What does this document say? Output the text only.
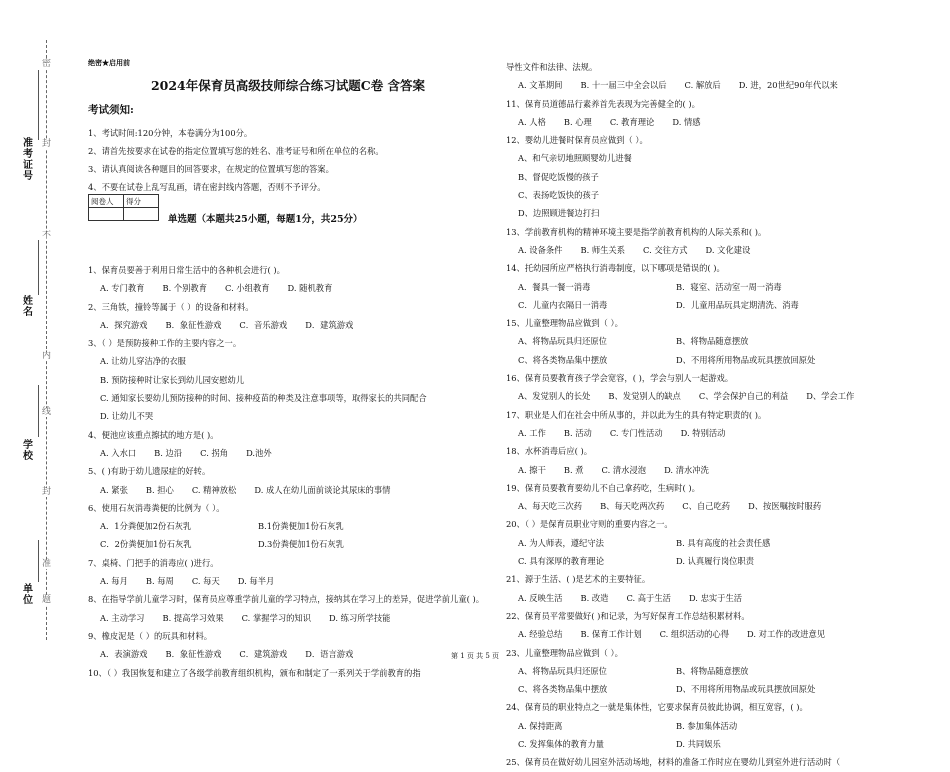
密
准考证号
姓名
学校
单位
封
不
内
线
封
准
题
绝密★启用前
2024年保育员高级技师综合练习试题C卷 含答案
考试须知:
1、考试时间:120分钟，本卷满分为100分。
2、请首先按要求在试卷的指定位置填写您的姓名、准考证号和所在单位的名称。
3、请认真阅读各种题目的回答要求，在规定的位置填写您的答案。
4、不要在试卷上乱写乱画，请在密封线内答题，否则不予评分。
阅卷人	得分

单选题（本题共25小题，每题1分，共25分）
1、保育员要善于利用日常生活中的各种机会进行( )。
A. 专门教育 B. 个别教育 C. 小组教育 D. 随机教育
2、三角铁，撞铃等属于（ ）的设备和材料。
A．探究游戏 B．象征性游戏 C．音乐游戏 D．建筑游戏
3、（ ）是预防接种工作的主要内容之一。
A. 让幼儿穿洁净的衣服
B. 预防接种时让家长到幼儿园安慰幼儿
C. 通知家长要幼儿预防接种的时间、接种疫苗的种类及注意事项等，取得家长的共同配合
D. 让幼儿不哭
4、便池应该重点擦拭的地方是( )。
A. 入水口 B. 边沿 C. 拐角 D.池外
5、( )有助于幼儿遗尿症的好转。
A. 紧张 B. 担心 C. 精神放松 D. 成人在幼儿面前谈论其尿床的事情
6、使用石灰消毒粪便的比例为（ ）。
A．1分粪便加2份石灰乳	B.1份粪便加1份石灰乳
C．2份粪便加1份石灰乳	D.3份粪便加1份石灰乳
7、桌椅、门把手的消毒应( )进行。
A. 每月 B. 每周 C. 每天 D. 每半月
8、在指导学前儿童学习时，保育员应尊重学前儿童的学习特点，接纳其在学习上的差异，促进学前儿童( )。
A. 主动学习 B. 提高学习效果 C. 掌握学习的知识 D. 练习所学技能
9、橡皮泥是（ ）的玩具和材料。
A．表演游戏 B．象征性游戏 C．建筑游戏 D．语言游戏
10、（ ）我国恢复和建立了各级学前教育组织机构，颁布和制定了一系列关于学前教育的指
导性文件和法律、法规。
A. 文革期间 B. 十一届三中全会以后 C. 解放后 D. 进，20世纪90年代以来
11、保育员道德品行素养首先表现为完善健全的( )。
A. 人格 B. 心理 C. 教育理论 D. 情感
12、婴幼儿进餐时保育员应做到（ ）。
A、和气亲切地照顾婴幼儿进餐
B、督促吃饭慢的孩子
C、表扬吃饭快的孩子
D、边照顾进餐边打扫
13、学前教育机构的精神环境主要是指学前教育机构的人际关系和( )。
A. 设备条件 B. 师生关系 C. 交往方式 D. 文化建设
14、托幼园所应严格执行消毒制度，以下哪项是错误的( )。
A．餐具一餐一消毒	B．寝室、活动室一周一消毒
C．儿童内衣隔日一消毒	D．儿童用品玩具定期清洗、消毒
15、儿童整理物品应做到（ ）。
A、将物品玩具归还原位	B、将物品随意摆放
C、将各类物品集中摆放	D、不用将所用物品或玩具摆放回原处
16、保育员要教育孩子学会宽容，( )，学会与别人一起游戏。
A、发觉别人的长处 B、发觉别人的缺点 C、学会保护自己的利益 D、学会工作
17、职业是人们在社会中所从事的，并以此为生的具有特定职责的( )。
A. 工作 B. 活动 C. 专门性活动 D. 特别活动
18、水杯消毒后应( )。
A. 擦干 B. 煮 C. 清水浸泡 D. 清水冲洗
19、保育员要教育要幼儿不自己拿药吃，生病时( )。
A、每天吃三次药 B、每天吃两次药 C、自己吃药 D、按医嘱按时服药
20、（ ）是保育员职业守则的重要内容之一。
A. 为人师表，遵纪守法	B. 具有高度的社会责任感
C. 具有深厚的教育理论	D. 认真履行岗位职责
21、源于生活、( )是艺术的主要特征。
A. 反映生活 B. 改造 C. 高于生活 D. 忠实于生活
22、保育员平常要做好( )和记录，为写好保育工作总结积累材料。
A. 经验总结 B. 保育工作计划 C. 组织活动的心得 D. 对工作的改进意见
23、儿童整理物品应做到（ ）。
A、将物品玩具归还原位	B、将物品随意摆放
C、将各类物品集中摆放	D、不用将所用物品或玩具摆放回原处
24、保育员的职业特点之一就是集体性，它要求保育员彼此协调，相互宽容，( )。
A. 保持距离	B. 参加集体活动
C. 发挥集体的教育力量	D. 共同娱乐
25、保育员在做好幼儿园室外活动场地，材料的准备工作时应在婴幼儿到室外进行活动时（
第 1 页 共 5 页
